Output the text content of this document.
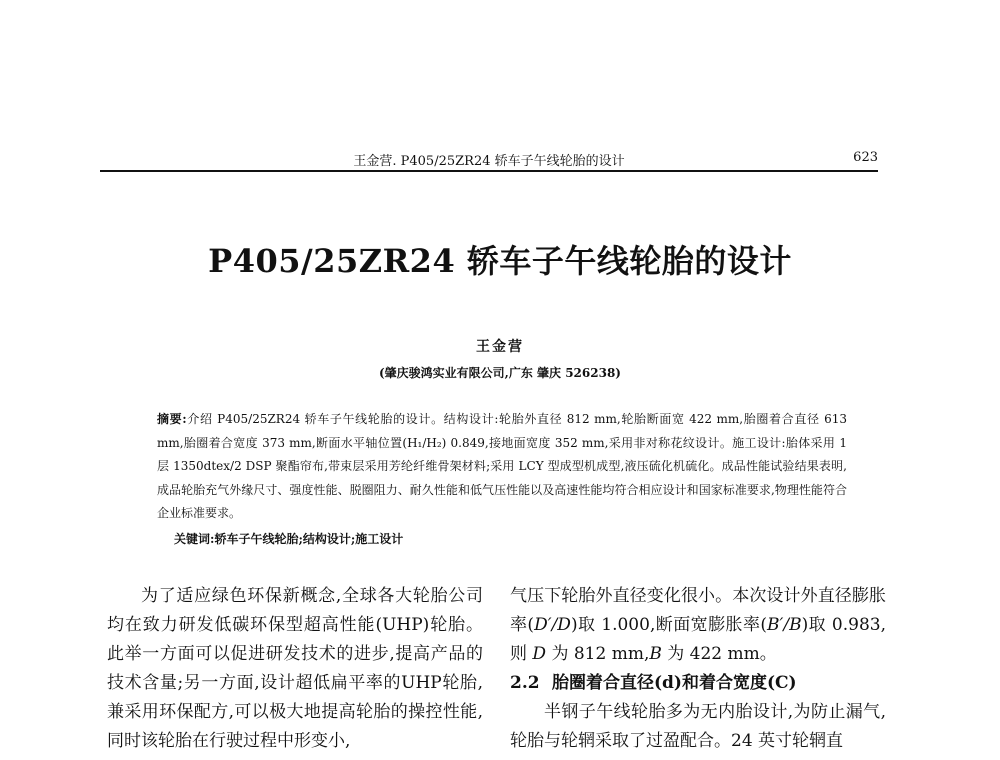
王金营. P405/25ZR24 轿车子午线轮胎的设计	623
P405/25ZR24 轿车子午线轮胎的设计
王金营
(肇庆骏鸿实业有限公司,广东 肇庆 526238)
摘要:介绍 P405/25ZR24 轿车子午线轮胎的设计。结构设计:轮胎外直径 812 mm,轮胎断面宽 422 mm,胎圈着合直径 613 mm,胎圈着合宽度 373 mm,断面水平轴位置(H₁/H₂) 0.849,接地面宽度 352 mm,采用非对称花纹设计。施工设计:胎体采用 1 层 1350dtex/2 DSP 聚酯帘布,带束层采用芳纶纤维骨架材料;采用 LCY 型成型机成型,液压硫化机硫化。成品性能试验结果表明,成品轮胎充气外缘尺寸、强度性能、脱圈阻力、耐久性能和低气压性能以及高速性能均符合相应设计和国家标准要求,物理性能符合企业标准要求。
关键词:轿车子午线轮胎;结构设计;施工设计

为了适应绿色环保新概念,全球各大轮胎公司均在致力研发低碳环保型超高性能(UHP)轮胎。此举一方面可以促进研发技术的进步,提高产品的技术含量;另一方面,设计超低扁平率的UHP轮胎,兼采用环保配方,可以极大地提高轮胎的操控性能,同时该轮胎在行驶过程中形变小,

气压下轮胎外直径变化很小。本次设计外直径膨胀率(D′/D)取 1.000,断面宽膨胀率(B′/B)取 0.983,则 D 为 812 mm,B 为 422 mm。

2.2 胎圈着合直径(d)和着合宽度(C)

半钢子午线轮胎多为无内胎设计,为防止漏气,轮胎与轮辋采取了过盈配合。24 英寸轮辋直
